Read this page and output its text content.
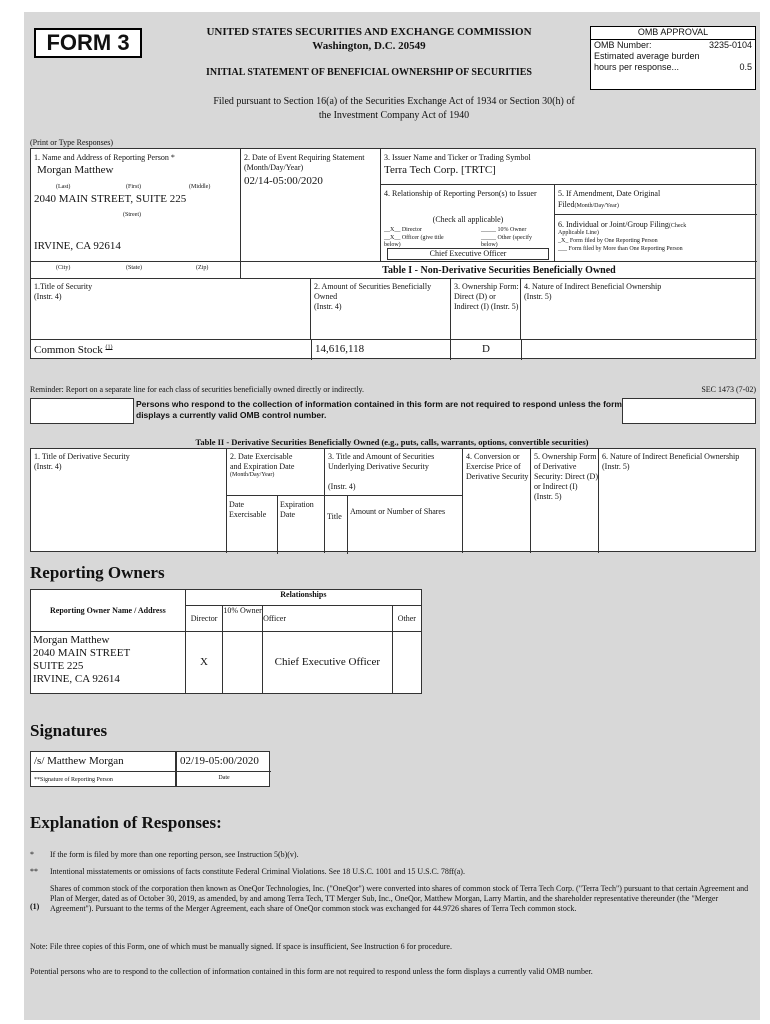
FORM 3	UNITED STATES SECURITIES AND EXCHANGE COMMISSION
Washington, D.C. 20549
INITIAL STATEMENT OF BENEFICIAL OWNERSHIP OF SECURITIES
OMB APPROVAL
OMB Number:	3235-0104
Estimated average burden
hours per response...	0.5
Filed pursuant to Section 16(a) of the Securities Exchange Act of 1934 or Section 30(h) of
the Investment Company Act of 1940
(Print or Type Responses)
1. Name and Address of Reporting Person *
Morgan Matthew
(Last)	(First)	(Middle)
2040 MAIN STREET, SUITE 225
(Street)
IRVINE, CA 92614
(City)	(State)	(Zip)
2. Date of Event Requiring Statement (Month/Day/Year)
02/14-05:00/2020
3. Issuer Name and Ticker or Trading Symbol
Terra Tech Corp. [TRTC]
4. Relationship of Reporting Person(s) to Issuer
(Check all applicable)
__X__ Director	_____ 10% Owner
__X__ Officer (give title	_____ Other (specify
below)	below)
Chief Executive Officer
5. If Amendment, Date Original
Filed(Month/Day/Year)
6. Individual or Joint/Group Filing(Check
Applicable Line)
_X_ Form filed by One Reporting Person
___ Form filed by More than One Reporting Person
Table I - Non-Derivative Securities Beneficially Owned
1.Title of Security
(Instr. 4)
2. Amount of Securities Beneficially Owned
(Instr. 4)
3. Ownership Form: Direct (D) or Indirect (I) (Instr. 5)
4. Nature of Indirect Beneficial Ownership
(Instr. 5)
Common Stock $^{(1)}$	14,616,118	D
Reminder: Report on a separate line for each class of securities beneficially owned directly or indirectly.	SEC 1473 (7-02)
Persons who respond to the collection of information contained in this form are not required to respond unless the form displays a currently valid OMB control number.
Table II - Derivative Securities Beneficially Owned (e.g., puts, calls, warrants, options, convertible securities)
1. Title of Derivative Security
(Instr. 4)
2. Date Exercisable
and Expiration Date
(Month/Day/Year)
Date Exercisable
Expiration Date
3. Title and Amount of Securities Underlying Derivative Security
(Instr. 4)
Title
Amount or Number of Shares
4. Conversion or Exercise Price of Derivative Security
5. Ownership Form of Derivative Security: Direct (D) or Indirect (I) (Instr. 5)
6. Nature of Indirect Beneficial Ownership (Instr. 5)
Reporting Owners
Reporting Owner Name / Address	Relationships			
	Director	10% Owner	Officer	Other

Morgan Matthew
2040 MAIN STREET
SUITE 225
IRVINE, CA 92614	X		Chief Executive Officer	
Signatures
/s/ Matthew Morgan
**Signature of Reporting Person
02/19-05:00/2020
Date
Explanation of Responses:
* If the form is filed by more than one reporting person, see Instruction 5(b)(v).
** Intentional misstatements or omissions of facts constitute Federal Criminal Violations. See 18 U.S.C. 1001 and 15 U.S.C. 78ff(a).
(1)
Shares of common stock of the corporation then known as OneQor Technologies, Inc. ("OneQor") were converted into shares of common stock of Terra Tech Corp. ("Terra Tech") pursuant to that certain Agreement and Plan of Merger, dated as of October 30, 2019, as amended, by and among Terra Tech, TT Merger Sub, Inc., OneQor, Matthew Morgan, Larry Martin, and the shareholder representative thereunder (the "Merger Agreement"). Pursuant to the terms of the Merger Agreement, each share of OneQor common stock was exchanged for 44.9726 shares of Terra Tech common stock.
Note: File three copies of this Form, one of which must be manually signed. If space is insufficient, See Instruction 6 for procedure.
Potential persons who are to respond to the collection of information contained in this form are not required to respond unless the form displays a currently valid OMB number.
